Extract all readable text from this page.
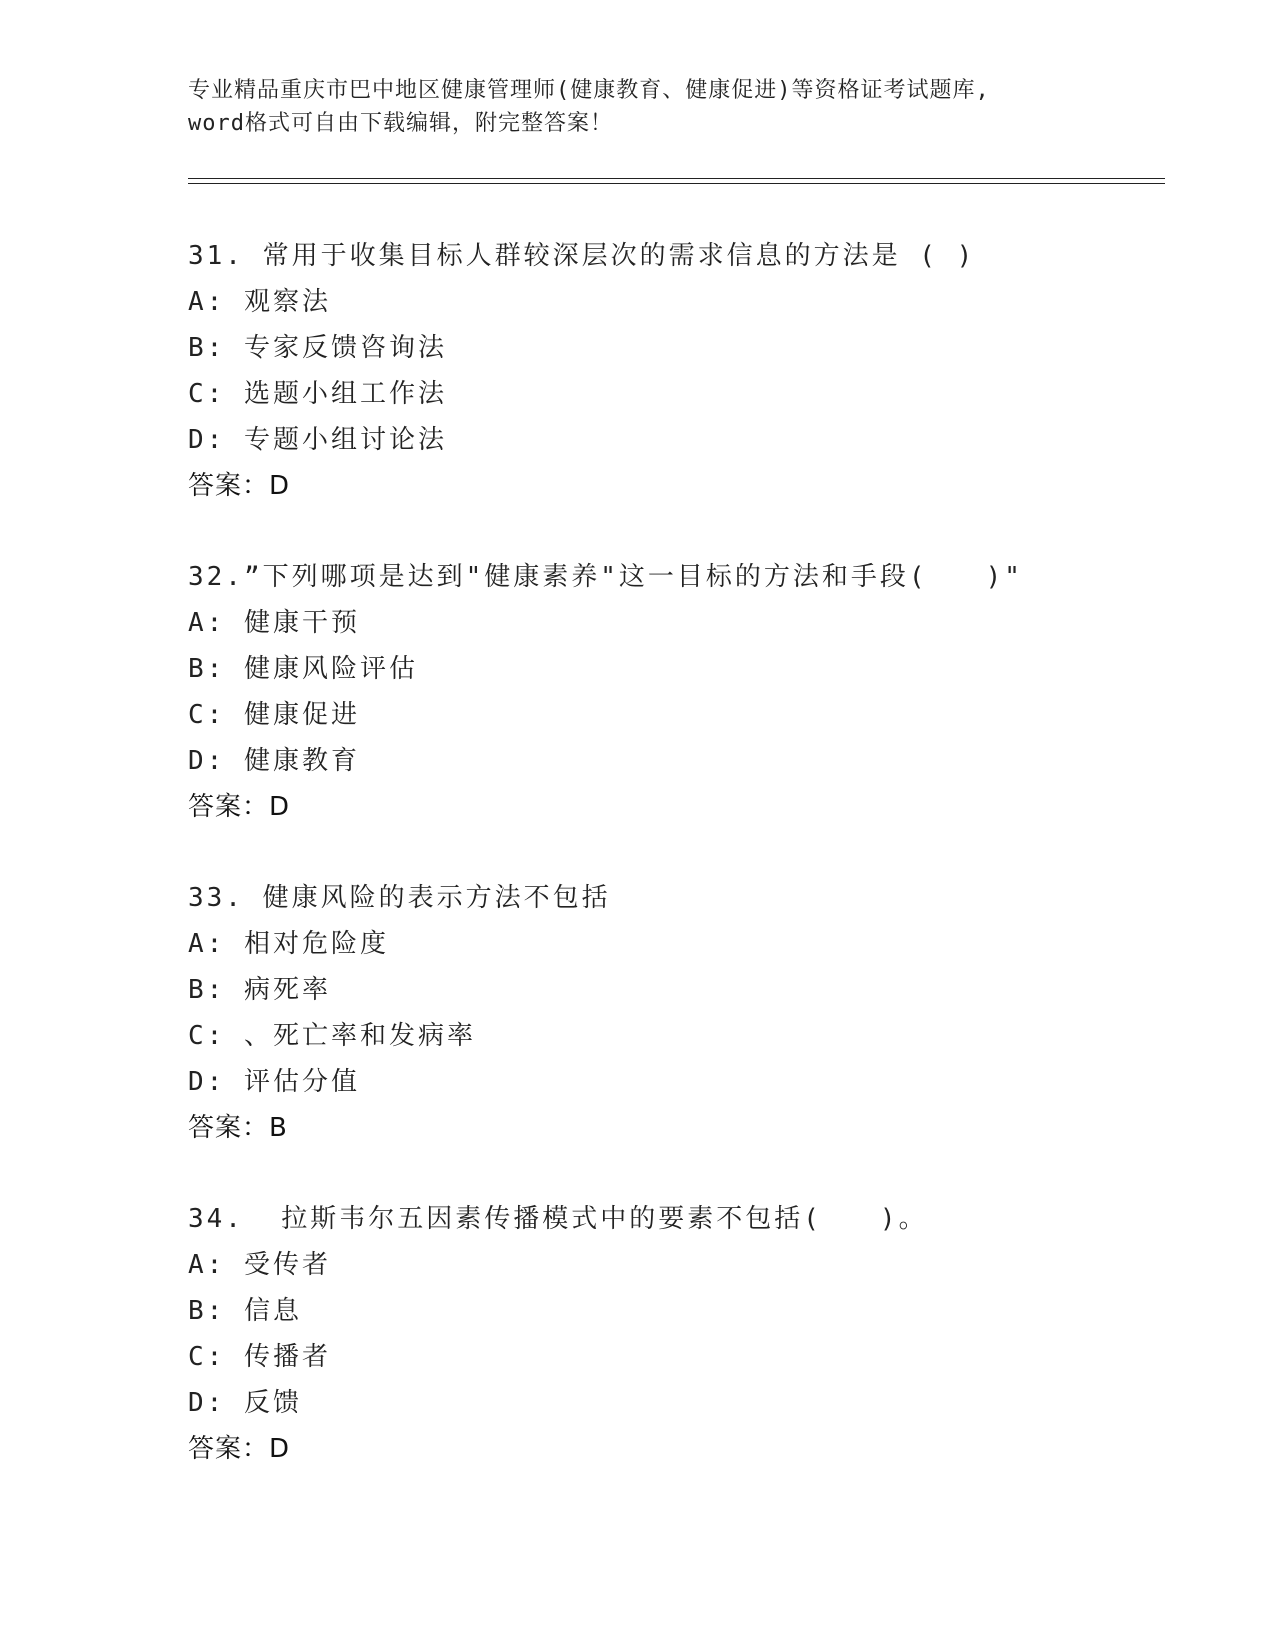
专业精品重庆市巴中地区健康管理师(健康教育、健康促进)等资格证考试题库,
word格式可自由下载编辑，附完整答案！
31. 常用于收集目标人群较深层次的需求信息的方法是 ( )
A: 观察法
B: 专家反馈咨询法
C: 选题小组工作法
D: 专题小组讨论法
答案：D
32.”下列哪项是达到"健康素养"这一目标的方法和手段(　　)"
A: 健康干预
B: 健康风险评估
C: 健康促进
D: 健康教育
答案：D
33. 健康风险的表示方法不包括
A: 相对危险度
B: 病死率
C: 、死亡率和发病率
D: 评估分值
答案：B
34.  拉斯韦尔五因素传播模式中的要素不包括(　　)。
A: 受传者
B: 信息
C: 传播者
D: 反馈
答案：D
